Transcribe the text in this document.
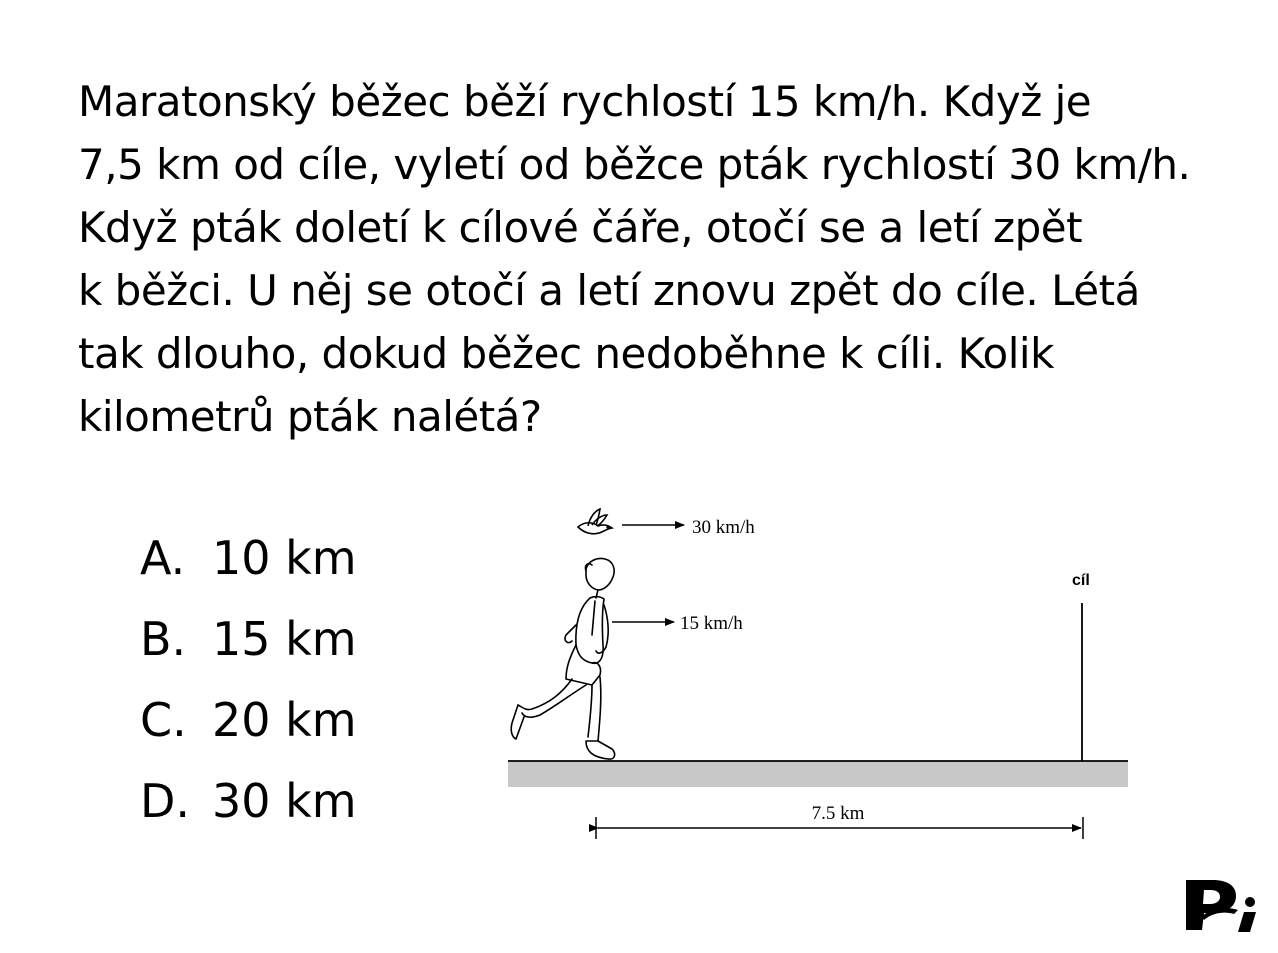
Maratonský běžec běží rychlostí 15 km/h. Když je
7,5 km od cíle, vyletí od běžce pták rychlostí 30 km/h.
Když pták doletí k cílové čáře, otočí se a letí zpět
k běžci. U něj se otočí a letí znovu zpět do cíle. Létá
tak dlouho, dokud běžec nedoběhne k cíli. Kolik
kilometrů pták nalétá?
A. 10 km
B. 15 km
C. 20 km
D. 30 km
30 km/h
15 km/h
cíl
7.5 km
